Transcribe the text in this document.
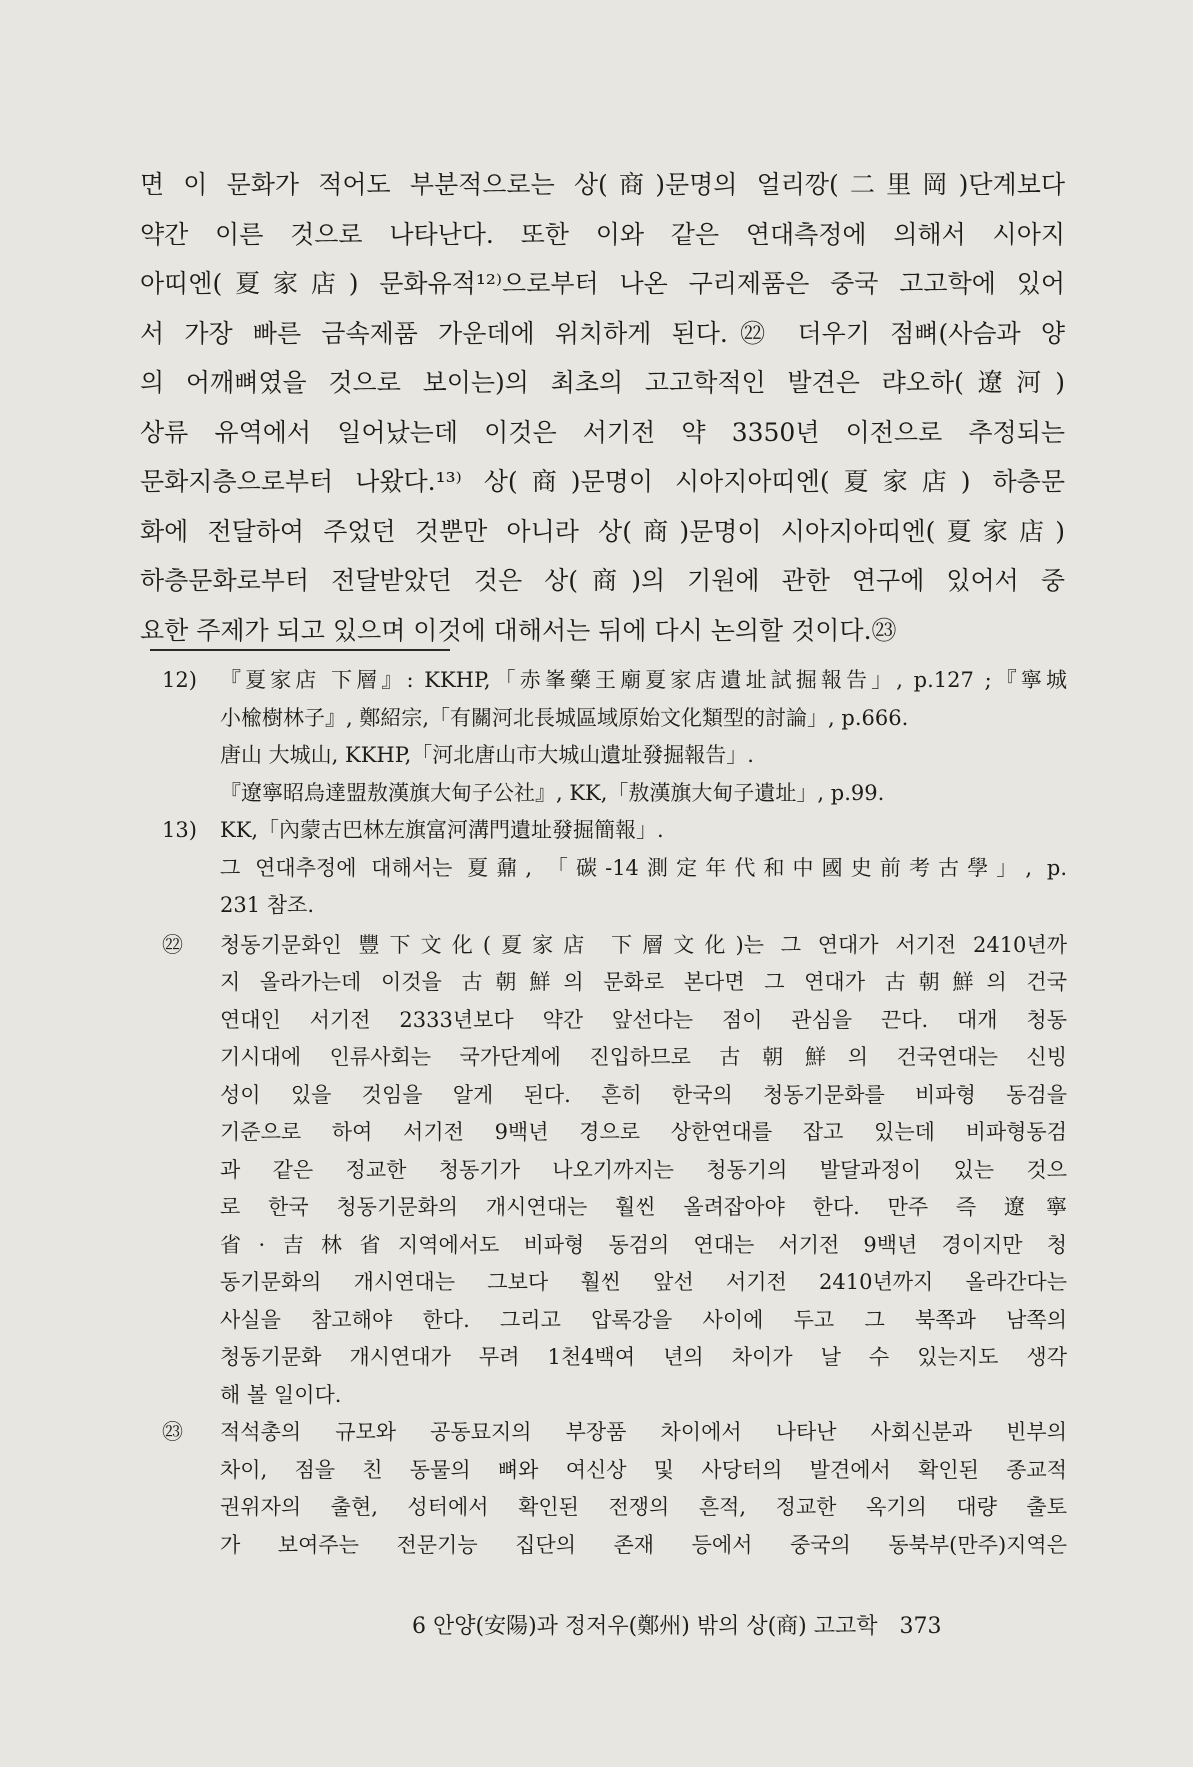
면 이 문화가 적어도 부분적으로는 상(商)문명의 얼리깡(二里岡)단계보다
약간 이른 것으로 나타난다. 또한 이와 같은 연대측정에 의해서 시아지
아띠엔(夏家店) 문화유적¹²⁾으로부터 나온 구리제품은 중국 고고학에 있어
서 가장 빠른 금속제품 가운데에 위치하게 된다.㉒ 더우기 점뼈(사슴과 양
의 어깨뼈였을 것으로 보이는)의 최초의 고고학적인 발견은 랴오하(遼河)
상류 유역에서 일어났는데 이것은 서기전 약 3350년 이전으로 추정되는
문화지층으로부터 나왔다.¹³⁾ 상(商)문명이 시아지아띠엔(夏家店) 하층문
화에 전달하여 주었던 것뿐만 아니라 상(商)문명이 시아지아띠엔(夏家店)
하층문화로부터 전달받았던 것은 상(商)의 기원에 관한 연구에 있어서 중
요한 주제가 되고 있으며 이것에 대해서는 뒤에 다시 논의할 것이다.㉓
12) 『夏家店 下層』: KKHP,「赤峯藥王廟夏家店遺址試掘報告」, p.127 ;『寧城
小楡樹林子』, 鄭紹宗,「有關河北長城區域原始文化類型的討論」, p.666.
唐山 大城山, KKHP,「河北唐山市大城山遺址發掘報告」.
『遼寧昭烏達盟敖漢旗大甸子公社』, KK,「敖漢旗大甸子遺址」, p.99.
13) KK,「內蒙古巴林左旗富河溝門遺址發掘簡報」.
그 연대추정에 대해서는 夏鼐, 「碳-14測定年代和中國史前考古學」, p.
231 참조.
㉒ 청동기문화인 豐下文化(夏家店 下層文化)는 그 연대가 서기전 2410년까
지 올라가는데 이것을 古朝鮮의 문화로 본다면 그 연대가 古朝鮮의 건국
연대인 서기전 2333년보다 약간 앞선다는 점이 관심을 끈다. 대개 청동
기시대에 인류사회는 국가단계에 진입하므로 古朝鮮의 건국연대는 신빙
성이 있을 것임을 알게 된다. 흔히 한국의 청동기문화를 비파형 동검을
기준으로 하여 서기전 9백년 경으로 상한연대를 잡고 있는데 비파형동검
과 같은 정교한 청동기가 나오기까지는 청동기의 발달과정이 있는 것으
로 한국 청동기문화의 개시연대는 훨씬 올려잡아야 한다. 만주 즉 遼寧
省·吉林省지역에서도 비파형 동검의 연대는 서기전 9백년 경이지만 청
동기문화의 개시연대는 그보다 훨씬 앞선 서기전 2410년까지 올라간다는
사실을 참고해야 한다. 그리고 압록강을 사이에 두고 그 북쪽과 남쪽의
청동기문화 개시연대가 무려 1천4백여 년의 차이가 날 수 있는지도 생각
해 볼 일이다.
㉓ 적석총의 규모와 공동묘지의 부장품 차이에서 나타난 사회신분과 빈부의
차이, 점을 친 동물의 뼈와 여신상 및 사당터의 발견에서 확인된 종교적
권위자의 출현, 성터에서 확인된 전쟁의 흔적, 정교한 옥기의 대량 출토
가 보여주는 전문기능 집단의 존재 등에서 중국의 동북부(만주)지역은
6 안양(安陽)과 정저우(鄭州) 밖의 상(商) 고고학 373
